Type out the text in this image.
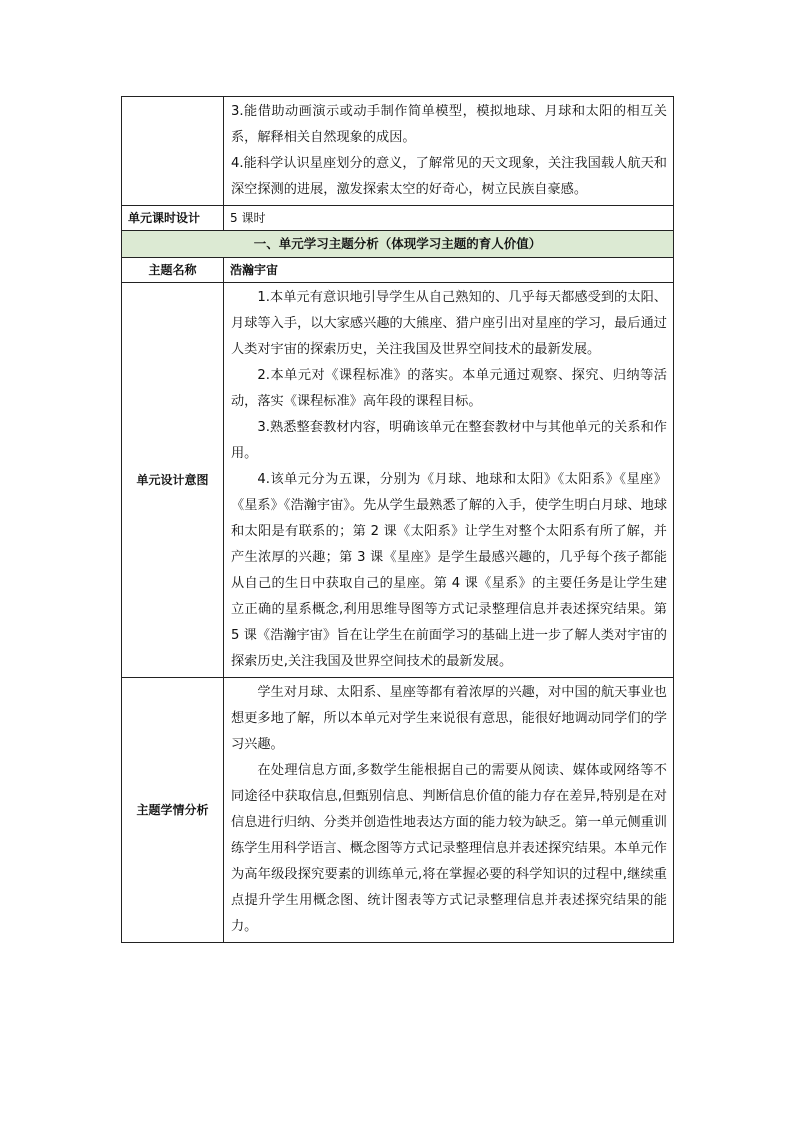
	3.能借助动画演示或动手制作简单模型，模拟地球、月球和太阳的相互关系，解释相关自然现象的成因。

4.能科学认识星座划分的意义，了解常见的天文现象，关注我国载人航天和深空探测的进展，激发探索太空的好奇心，树立民族自豪感。

单元课时设计	5 课时
一、单元学习主题分析（体现学习主题的育人价值）	
主题名称	浩瀚宇宙
单元设计意图	1.本单元有意识地引导学生从自己熟知的、几乎每天都感受到的太阳、月球等入手，以大家感兴趣的大熊座、猎户座引出对星座的学习，最后通过人类对宇宙的探索历史，关注我国及世界空间技术的最新发展。

2.本单元对《课程标准》的落实。本单元通过观察、探究、归纳等活动，落实《课程标准》高年段的课程目标。

3.熟悉整套教材内容，明确该单元在整套教材中与其他单元的关系和作用。

4.该单元分为五课，分别为《月球、地球和太阳》《太阳系》《星座》《星系》《浩瀚宇宙》。先从学生最熟悉了解的入手，使学生明白月球、地球和太阳是有联系的；第 2 课《太阳系》让学生对整个太阳系有所了解，并产生浓厚的兴趣；第 3 课《星座》是学生最感兴趣的，几乎每个孩子都能从自己的生日中获取自己的星座。第 4 课《星系》的主要任务是让学生建立正确的星系概念,利用思维导图等方式记录整理信息并表述探究结果。第 5 课《浩瀚宇宙》旨在让学生在前面学习的基础上进一步了解人类对宇宙的探索历史,关注我国及世界空间技术的最新发展。

主题学情分析	学生对月球、太阳系、星座等都有着浓厚的兴趣，对中国的航天事业也想更多地了解，所以本单元对学生来说很有意思，能很好地调动同学们的学习兴趣。

在处理信息方面,多数学生能根据自己的需要从阅读、媒体或网络等不同途径中获取信息,但甄别信息、判断信息价值的能力存在差异,特别是在对信息进行归纳、分类并创造性地表达方面的能力较为缺乏。第一单元侧重训练学生用科学语言、概念图等方式记录整理信息并表述探究结果。本单元作为高年级段探究要素的训练单元,将在掌握必要的科学知识的过程中,继续重点提升学生用概念图、统计图表等方式记录整理信息并表述探究结果的能力。
